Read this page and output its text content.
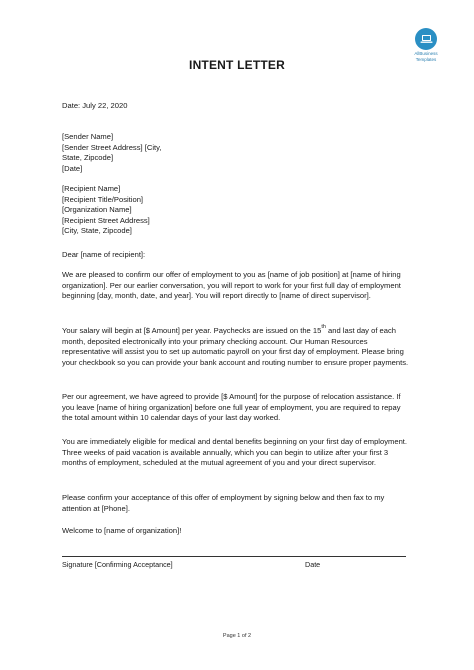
AllBusiness
Templates
INTENT LETTER
Date: July 22, 2020
[Sender Name]
[Sender Street Address] [City,
State, Zipcode]
[Date]
[Recipient Name]
[Recipient Title/Position]
[Organization Name]
[Recipient Street Address]
[City, State, Zipcode]
Dear [name of recipient]:
We are pleased to confirm our offer of employment to you as [name of job position] at [name of hiring organization]. Per our earlier conversation, you will report to work for your first full day of employment beginning [day, month, date, and year]. You will report directly to [name of direct supervisor].
Your salary will begin at [$ Amount] per year. Paychecks are issued on the 15th and last day of each month, deposited electronically into your primary checking account. Our Human Resources representative will assist you to set up automatic payroll on your first day of employment. Please bring your checkbook so you can provide your bank account and routing number to ensure proper payments.
Per our agreement, we have agreed to provide [$ Amount] for the purpose of relocation assistance. If you leave [name of hiring organization] before one full year of employment, you are required to repay the total amount within 10 calendar days of your last day worked.
You are immediately eligible for medical and dental benefits beginning on your first day of employment. Three weeks of paid vacation is available annually, which you can begin to utilize after your first 3 months of employment, scheduled at the mutual agreement of you and your direct supervisor.
Please confirm your acceptance of this offer of employment by signing below and then fax to my attention at [Phone].
Welcome to [name of organization]!
Signature [Confirming Acceptance]	Date
Page 1 of 2
